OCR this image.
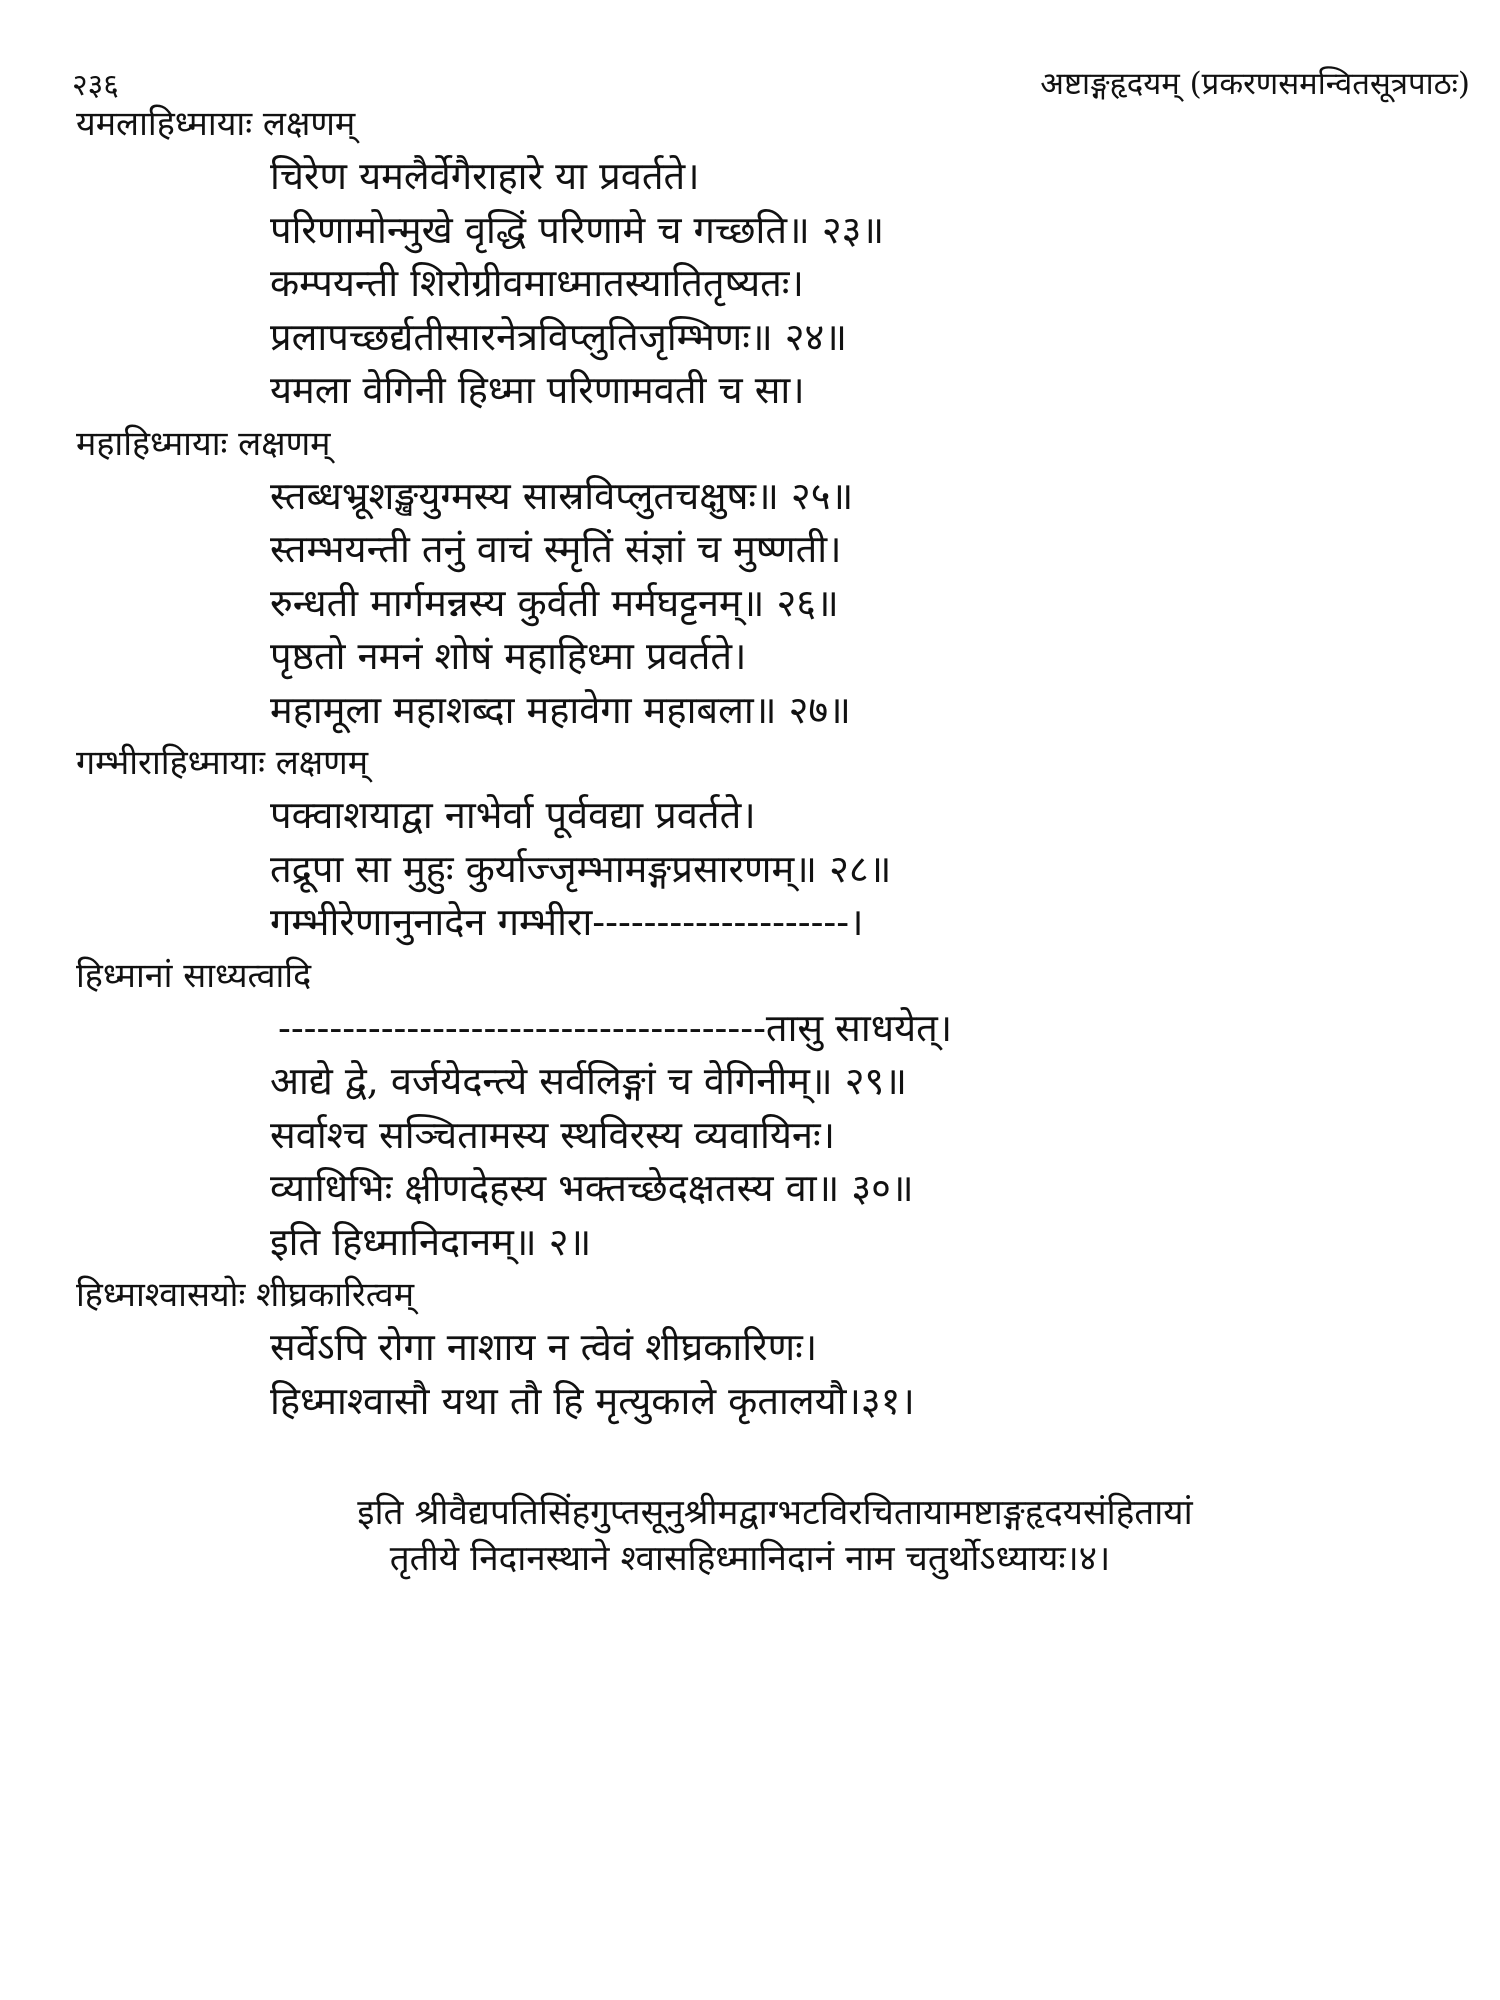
२३६	अष्टाङ्गहृदयम् (प्रकरणसमन्वितसूत्रपाठः)
यमलाहिध्मायाः लक्षणम्
चिरेण यमलैर्वेगैराहारे या प्रवर्तते।
परिणामोन्मुखे वृद्धिं परिणामे च गच्छति॥ २३॥
कम्पयन्ती शिरोग्रीवमाध्मातस्यातितृष्यतः।
प्रलापच्छर्द्यतीसारनेत्रविप्लुतिजृम्भिणः॥ २४॥
यमला वेगिनी हिध्मा परिणामवती च सा।
महाहिध्मायाः लक्षणम्
स्तब्धभ्रूशङ्खयुग्मस्य सास्रविप्लुतचक्षुषः॥ २५॥
स्तम्भयन्ती तनुं वाचं स्मृतिं संज्ञां च मुष्णती।
रुन्धती मार्गमन्नस्य कुर्वती मर्मघट्टनम्॥ २६॥
पृष्ठतो नमनं शोषं महाहिध्मा प्रवर्तते।
महामूला महाशब्दा महावेगा महाबला॥ २७॥
गम्भीराहिध्मायाः लक्षणम्
पक्वाशयाद्वा नाभेर्वा पूर्ववद्या प्रवर्तते।
तद्रूपा सा मुहुः कुर्याज्जृम्भामङ्गप्रसारणम्॥ २८॥
गम्भीरेणानुनादेन गम्भीरा--------------------।
हिध्मानां साध्यत्वादि
--------------------------------------तासु साधयेत्।
आद्ये द्वे, वर्जयेदन्त्ये सर्वलिङ्गां च वेगिनीम्॥ २९॥
सर्वाश्च सञ्चितामस्य स्थविरस्य व्यवायिनः।
व्याधिभिः क्षीणदेहस्य भक्तच्छेदक्षतस्य वा॥ ३०॥
इति हिध्मानिदानम्॥ २॥
हिध्माश्वासयोः शीघ्रकारित्वम्
सर्वेऽपि रोगा नाशाय न त्वेवं शीघ्रकारिणः।
हिध्माश्वासौ यथा तौ हि मृत्युकाले कृतालयौ।३१।
इति श्रीवैद्यपतिसिंहगुप्तसूनुश्रीमद्वाग्भटविरचितायामष्टाङ्गहृदयसंहितायां
तृतीये निदानस्थाने श्वासहिध्मानिदानं नाम चतुर्थोऽध्यायः।४।
